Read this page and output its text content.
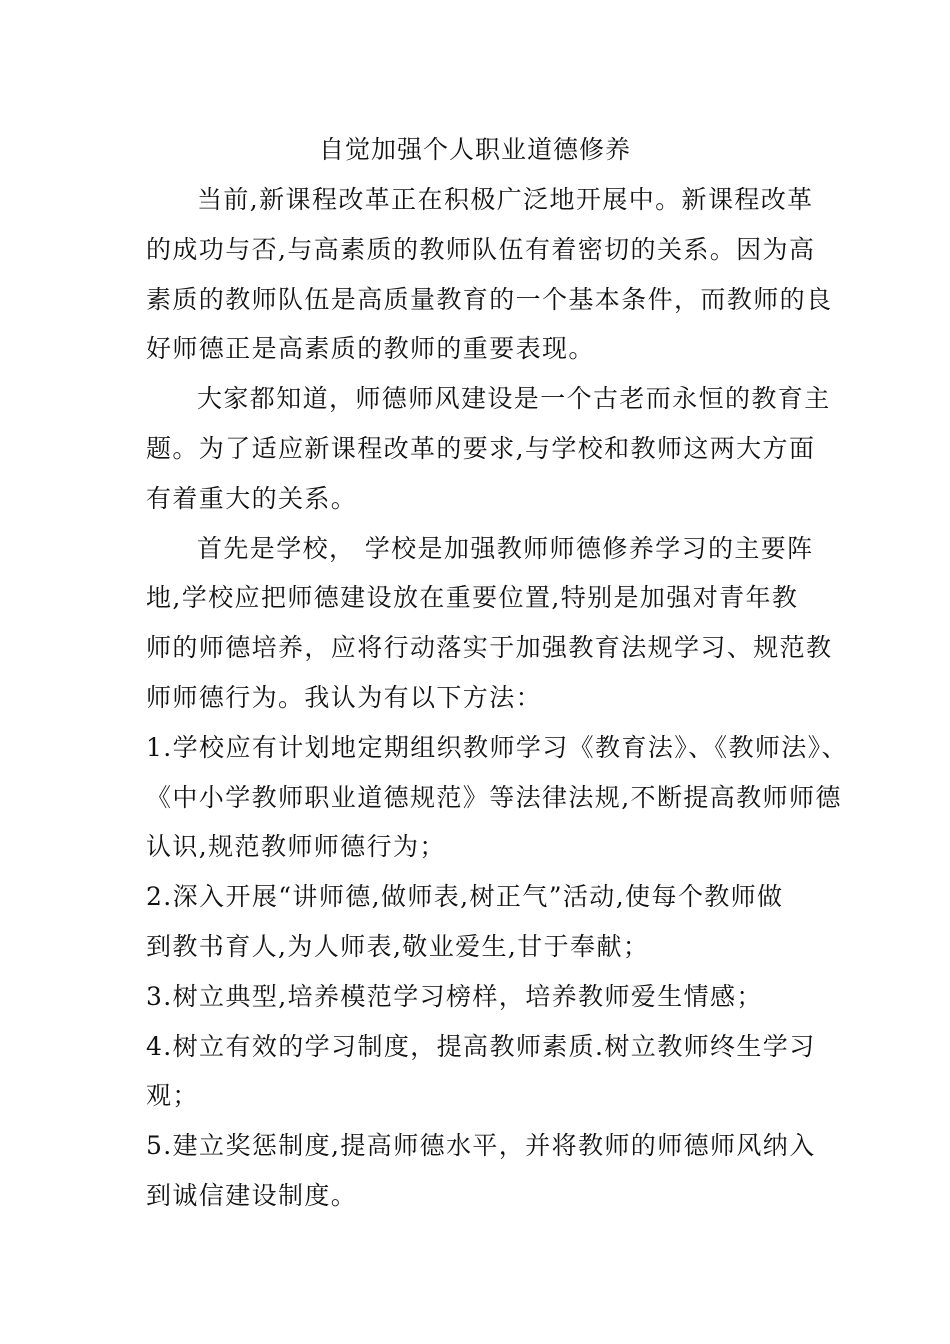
自觉加强个人职业道德修养
当前,新课程改革正在积极广泛地开展中。新课程改革
的成功与否,与高素质的教师队伍有着密切的关系。因为高
素质的教师队伍是高质量教育的一个基本条件，而教师的良
好师德正是高素质的教师的重要表现。
大家都知道，师德师风建设是一个古老而永恒的教育主
题。为了适应新课程改革的要求,与学校和教师这两大方面
有着重大的关系。
首先是学校， 学校是加强教师师德修养学习的主要阵
地,学校应把师德建设放在重要位置,特别是加强对青年教
师的师德培养，应将行动落实于加强教育法规学习、规范教
师师德行为。我认为有以下方法：
1.学校应有计划地定期组织教师学习《教育法》、《教师法》、
《中小学教师职业道德规范》等法律法规,不断提高教师师德
认识,规范教师师德行为；
2.深入开展“讲师德,做师表,树正气”活动,使每个教师做
到教书育人,为人师表,敬业爱生,甘于奉献；
3.树立典型,培养模范学习榜样，培养教师爱生情感；
4.树立有效的学习制度，提高教师素质.树立教师终生学习
观；
5.建立奖惩制度,提高师德水平，并将教师的师德师风纳入
到诚信建设制度。
